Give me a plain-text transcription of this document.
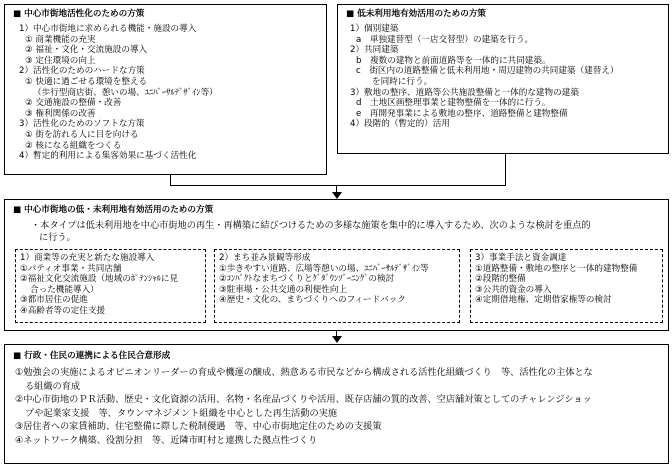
■ 中心市街地活性化のための方策
1）中心市街地に求められる機能・施設の導入
① 商業機能の充実
② 福祉・文化・交流施設の導入
③ 定住環境の向上
2）活性化のためのハードな方策
① 快適に過ごせる環境を整える
（歩行型商店街、憩いの場、ﾕﾆﾊﾞｰｻﾙﾃﾞｻﾞｲﾝ等）
② 交通施設の整備・改善
③ 権利関係の改善
3）活性化のためのソフトな方策
① 街を訪れる人に目を向ける
② 核になる組織をつくる
4）暫定的利用による集客効果に基づく活性化
■ 低未利用地有効活用のための方策
1）個別建築
a　単独建替型（一店交替型）の建築を行う。
2）共同建築
b　複数の建物と前面道路等を一体的に共同建築。
c　街区内の道路整備と低未利用地・周辺建物の共同建築（建替え）
を同時に行う。
3）敷地の整序、道路等公共施設整備と一体的な建物の建築
d　土地区画整理事業と建物整備を一体的に行う。
e　再開発事業による敷地の整序、道路整備と建物整備
4）段階的（暫定的）活用
■ 中心市街地の低・未利用地有効活用のための方策
・本タイプは低未利用地を中心市街地の再生・再構築に結びつけるための多様な施策を集中的に導入するため、次のような検討を重点的
に行う。
1）商業等の充実と新たな施設導入
①パティオ事業・共同店舗
②福祉文化交流施設（地域のﾎﾟﾃﾝｼｬﾙに見
合った機能導入）
③都市居住の促進
④高齢者等の定住支援
2）まち並み景観等形成
①歩きやすい道路、広場等憩いの場、ﾕﾆﾊﾞｰｻﾙﾃﾞｻﾞｲﾝ等
②ｺﾝﾊﾟｸﾄなまちづくりとｸﾞﾀﾞｳﾝｿﾞｰﾆﾝｸﾞの検討
③駐車場・公共交通の利便性向上
④歴史・文化の、まちづくりへのフィードバック
3）事業手法と資金調達
①道路整備・敷地の整序と一体的建物整備
②段階的整備
③公共的資金の導入
④定期借地権、定期借家権等の検討
■ 行政・住民の連携による住民合意形成
①勉強会の実施によるオピニオンリーダーの育成や機運の醸成、熱意ある市民などから構成される活性化組織づくり　等、活性化の主体とな
る組織の育成
②中心市街地のＰＲ活動、歴史・文化資源の活用、名物・名産品づくりや活用、既存店舗の質的改善、空店舗対策としてのチャレンジショッ
プや起業家支援　等、タウンマネジメント組織を中心とした再生活動の実施
③居住者への家賃補助、住宅整備に際した税制優遇　等、中心市街地定住のための支援策
④ネットワーク構築、役割分担　等、近隣市町村と連携した拠点性づくり
